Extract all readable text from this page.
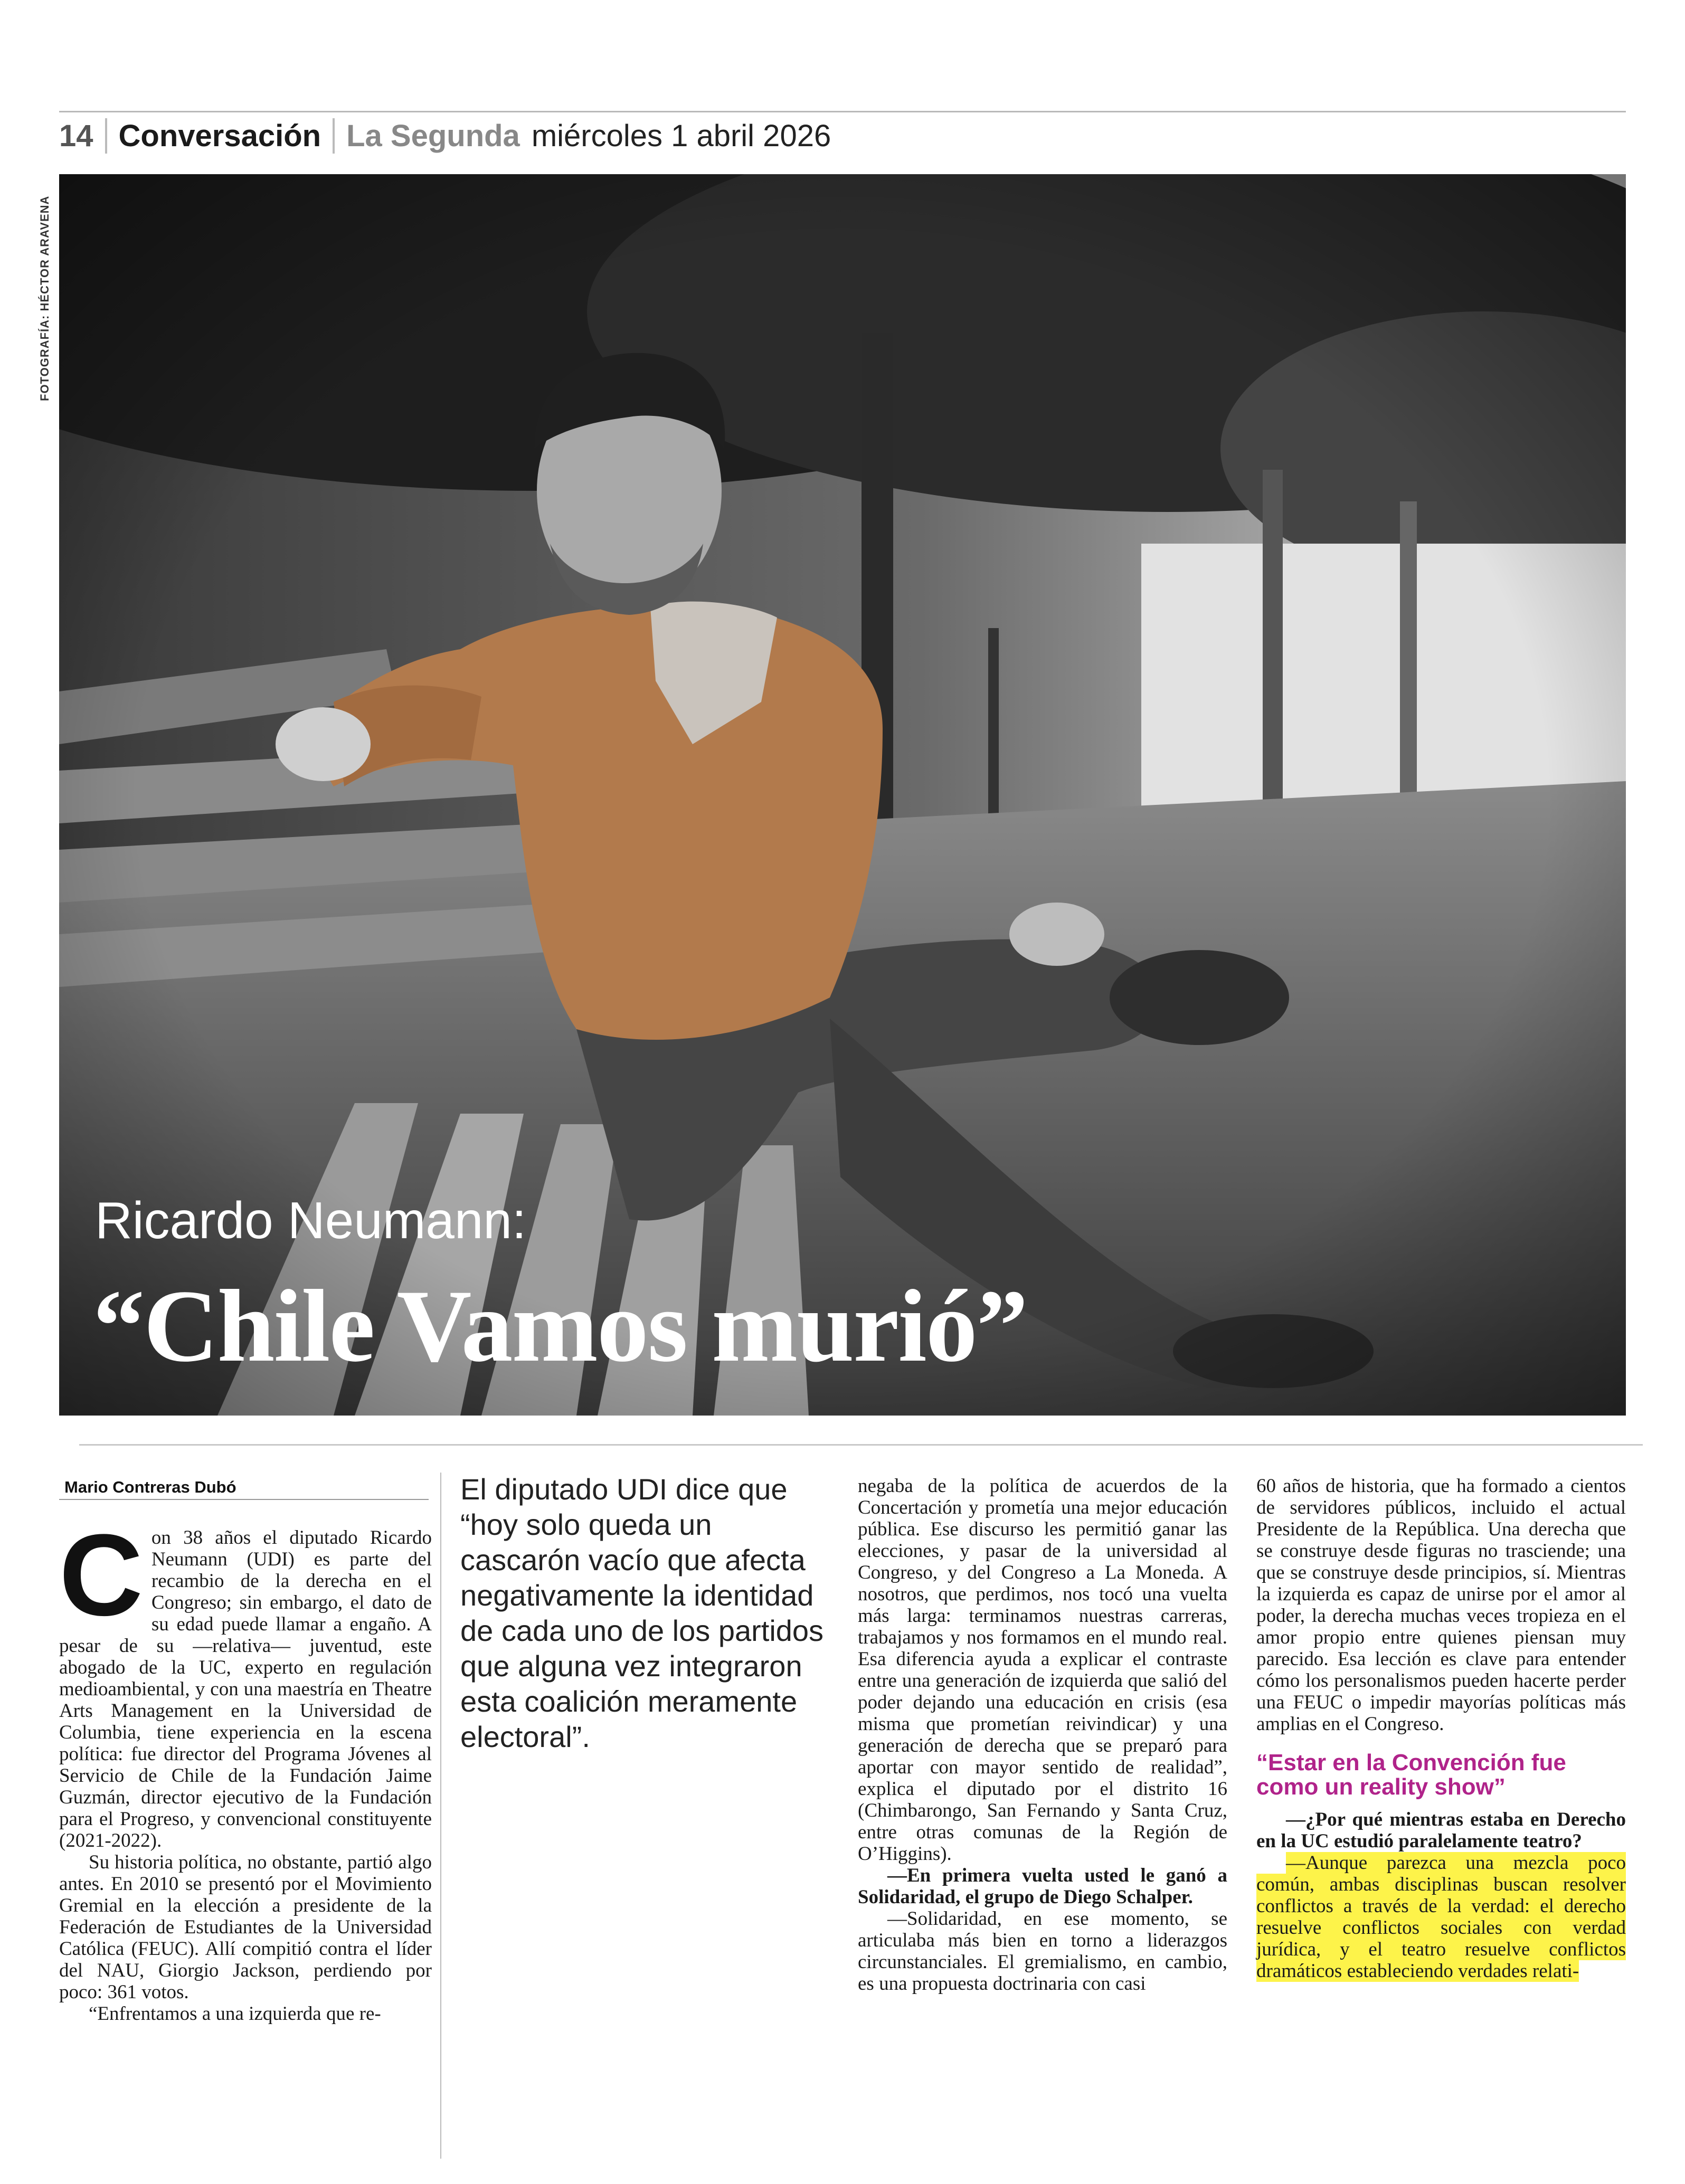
14 Conversación La Segunda miércoles 1 abril 2026
FOTOGRAFÍA: HÉCTOR ARAVENA
Ricardo Neumann:
“Chile Vamos murió”
Mario Contreras Dubó

Con 38 años el diputado Ricardo Neumann (UDI) es parte del recambio de la derecha en el Congreso; sin embargo, el dato de su edad puede llamar a engaño. A pesar de su —relativa— juventud, este abogado de la UC, experto en regulación medioambiental, y con una maestría en Theatre Arts Management en la Universidad de Columbia, tiene experiencia en la escena política: fue director del Programa Jóvenes al Servicio de Chile de la Fundación Jaime Guzmán, director ejecutivo de la Fundación para el Progreso, y convencional constituyente (2021-2022).

Su historia política, no obstante, partió algo antes. En 2010 se presentó por el Movimiento Gremial en la elección a presidente de la Federación de Estudiantes de la Universidad Católica (FEUC). Allí compitió contra el líder del NAU, Giorgio Jackson, perdiendo por poco: 361 votos.

“Enfrentamos a una izquierda que re-

El diputado UDI dice que “hoy solo queda un cascarón vacío que afecta negativamente la identidad de cada uno de los partidos que alguna vez integraron esta coalición meramente electoral”.

negaba de la política de acuerdos de la Concertación y prometía una mejor educación pública. Ese discurso les permitió ganar las elecciones, y pasar de la universidad al Congreso, y del Congreso a La Moneda. A nosotros, que perdimos, nos tocó una vuelta más larga: terminamos nuestras carreras, trabajamos y nos formamos en el mundo real. Esa diferencia ayuda a explicar el contraste entre una generación de izquierda que salió del poder dejando una educación en crisis (esa misma que prometían reivindicar) y una generación de derecha que se preparó para aportar con mayor sentido de realidad”, explica el diputado por el distrito 16 (Chimbarongo, San Fernando y Santa Cruz, entre otras comunas de la Región de O’Higgins).

—En primera vuelta usted le ganó a Solidaridad, el grupo de Diego Schalper.

—Solidaridad, en ese momento, se articulaba más bien en torno a liderazgos circunstanciales. El gremialismo, en cambio, es una propuesta doctrinaria con casi

60 años de historia, que ha formado a cientos de servidores públicos, incluido el actual Presidente de la República. Una derecha que se construye desde figuras no trasciende; una que se construye desde principios, sí. Mientras la izquierda es capaz de unirse por el amor al poder, la derecha muchas veces tropieza en el amor propio entre quienes piensan muy parecido. Esa lección es clave para entender cómo los personalismos pueden hacerte perder una FEUC o impedir mayorías políticas más amplias en el Congreso.

“Estar en la Convención fue como un reality show”

—¿Por qué mientras estaba en Derecho en la UC estudió paralelamente teatro?

—Aunque parezca una mezcla poco común, ambas disciplinas buscan resolver conflictos a través de la verdad: el derecho resuelve conflictos sociales con verdad jurídica, y el teatro resuelve conflictos dramáticos estableciendo verdades relati-
